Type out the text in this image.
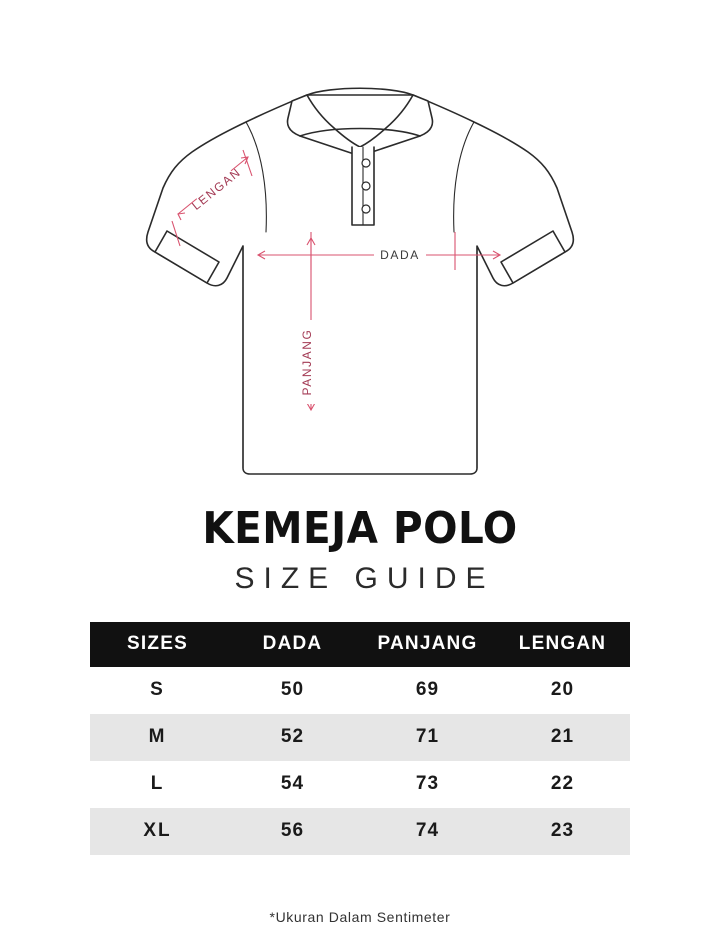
DADA
PANJANG
LENGAN
KEMEJA POLO
SIZE GUIDE
SIZES	DADA	PANJANG	LENGAN
S	50	69	20
M	52	71	21
L	54	73	22
XL	56	74	23
*Ukuran Dalam Sentimeter
